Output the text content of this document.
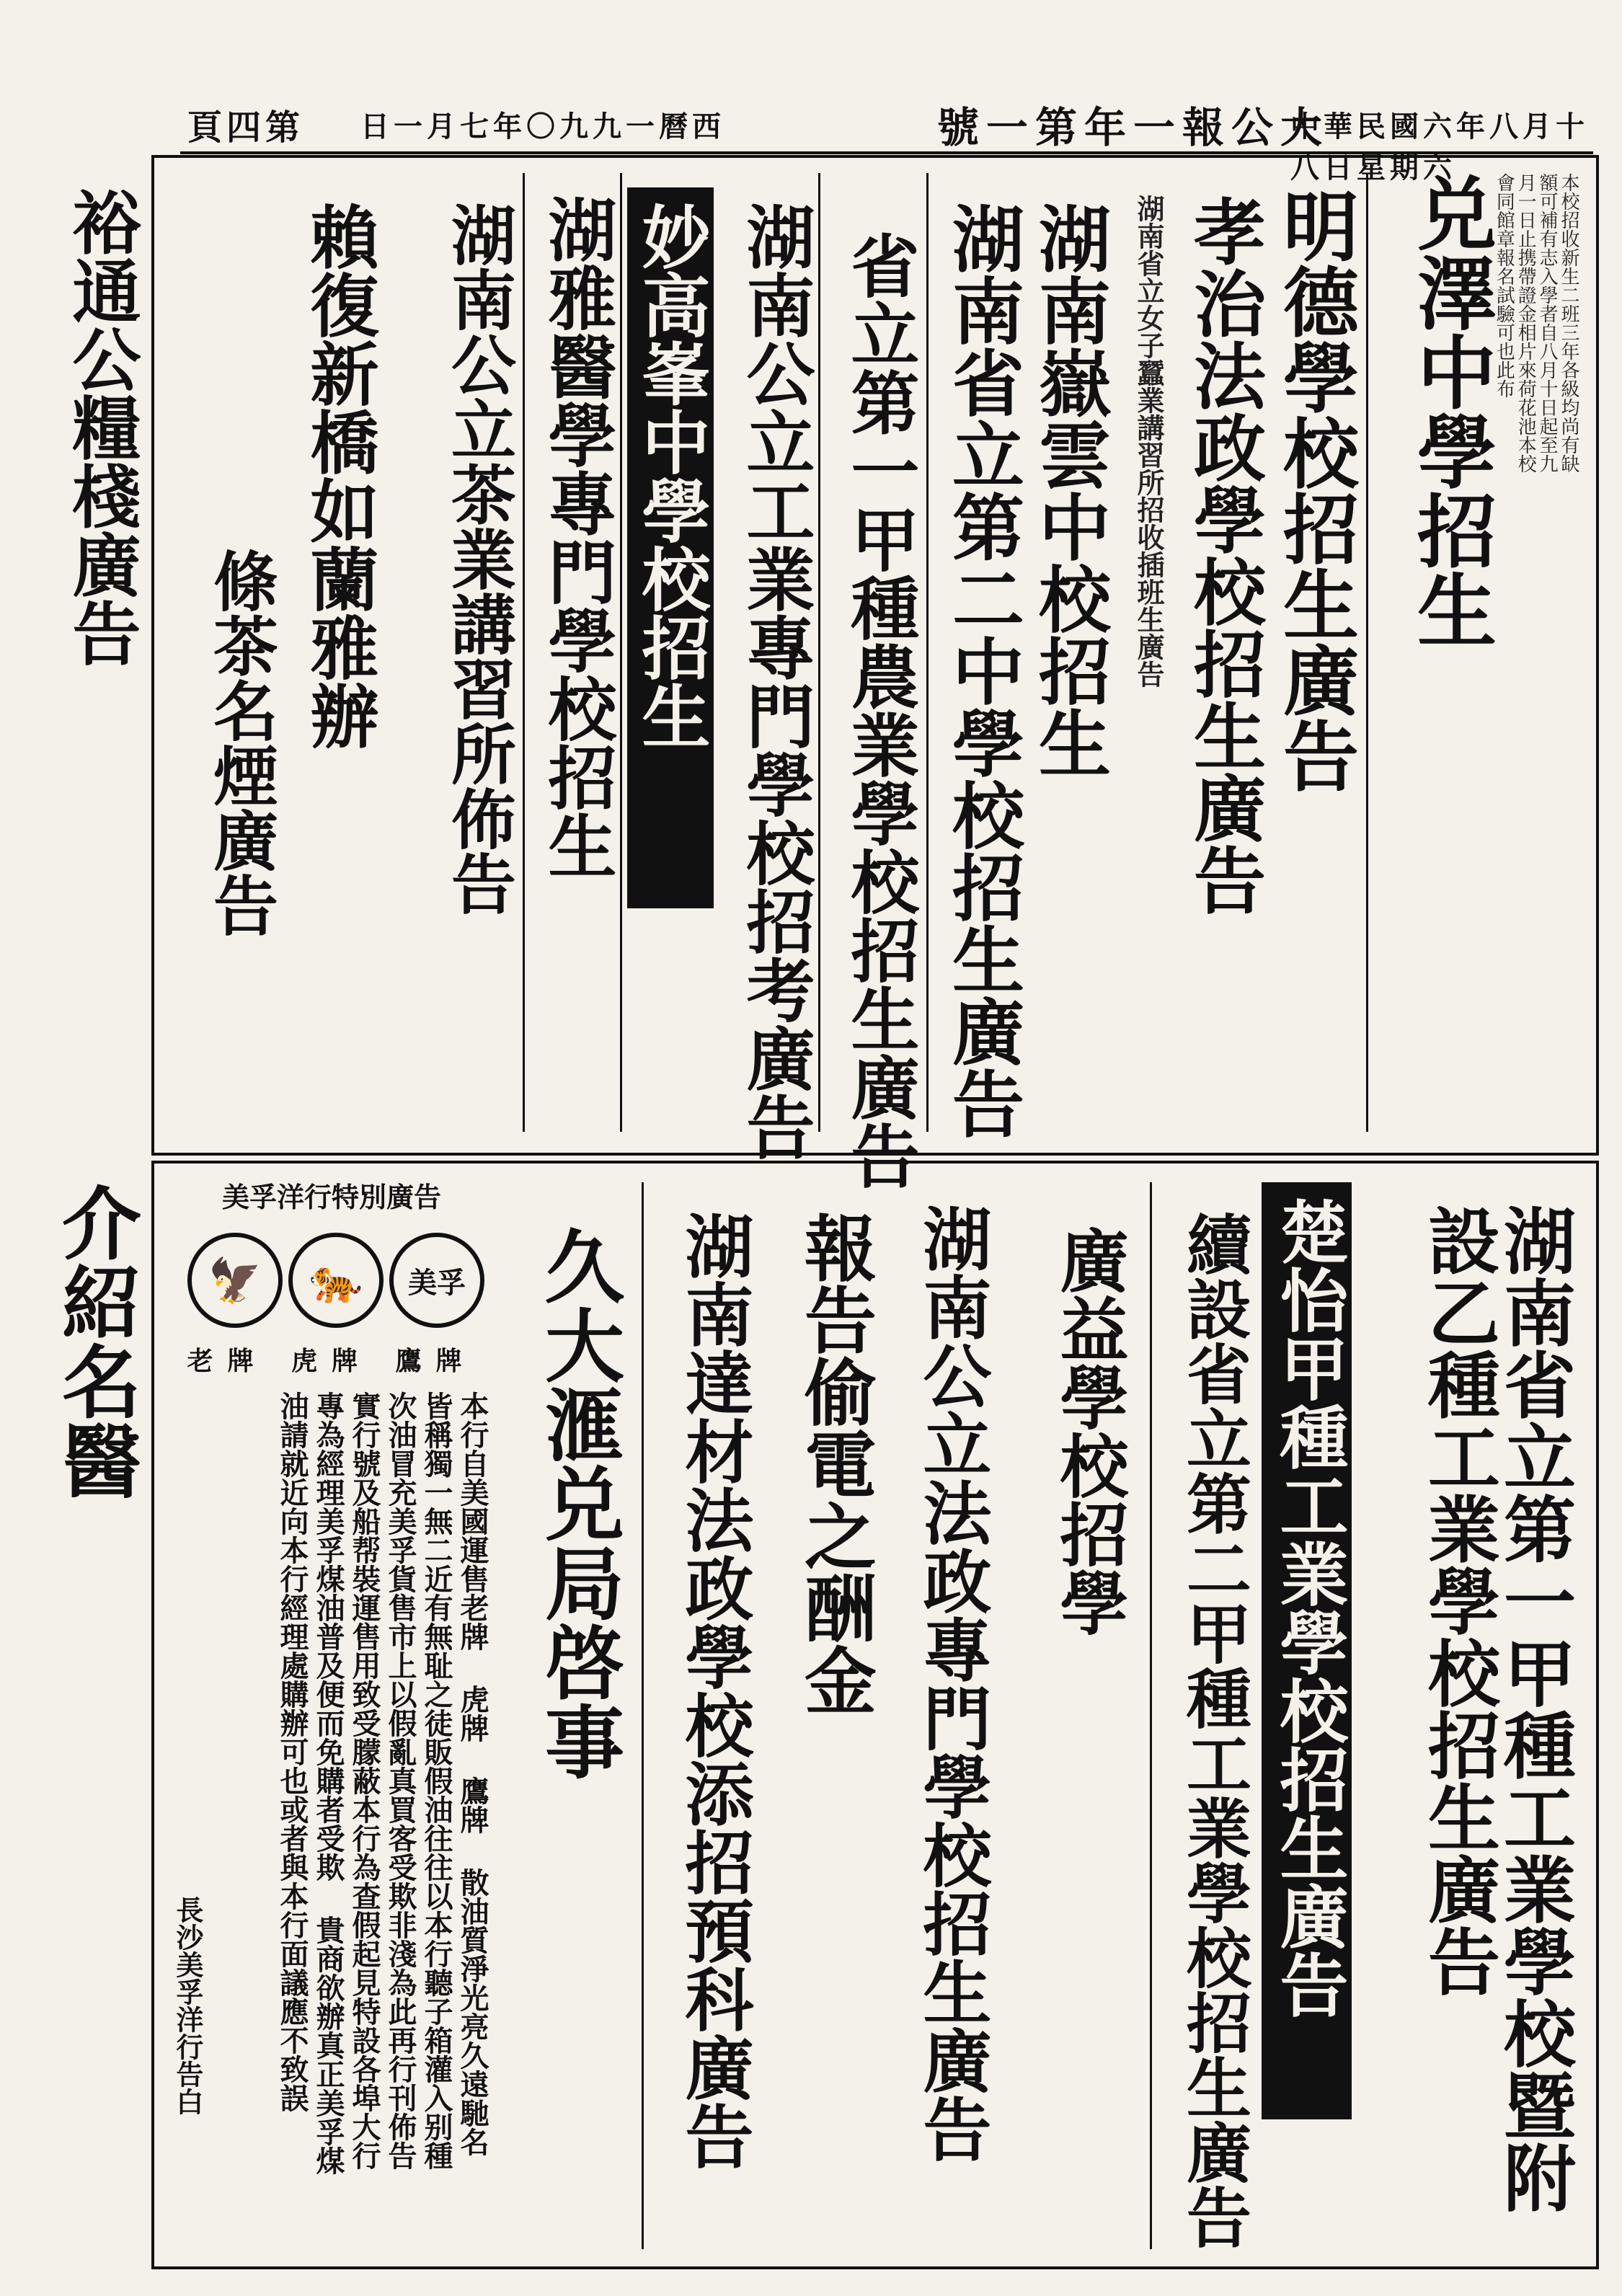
頁四第 日一月七年〇九九一曆西	號一第年一報公大
中華民國六年八月十八日星期六
兑澤中學招生	本校招收新生二班三年各級均尚有缺額可補有志入學者自八月十日起至九月一日止携帶證金相片來荷花池本校會同館章報名試驗可也此布
明德學校招生廣告
孝治法政學校招生廣告
湖南省立女子蠶業講習所招收插班生廣告
湖南嶽雲中校招生
湖南省立第二中學校招生廣告
省立第一甲種農業學校招生廣告
湖南公立工業專門學校招考廣告
妙高峯中學校招生
湖雅醫學專門學校招生
湖南公立茶業講習所佈告
賴復新橋如蘭雅辦
條茶名煙廣告
裕通公糧棧廣告
介紹名醫	湖南省立第一甲種工業學校暨附設乙種工業學校招生廣告
楚怡甲種工業學校招生廣告
續設省立第二甲種工業學校招生廣告
廣益學校招學
湖南公立法政專門學校招生廣告
報告偷電之酬金
湖南達材法政學校添招預科廣告
久大滙兑局啓事
美孚洋行特別廣告
🦅	🐅	美孚
老牌 虎牌 鷹牌
本行自美國運售老牌 虎牌 鷹牌 散油質淨光亮久遠馳名皆稱獨一無二近有無耻之徒販假油往往以本行聽子箱灌入别種次油冒充美孚貨售市上以假亂真買客受欺非淺為此再行刊佈告 實行號及船帮裝運售用致受朦蔽本行為查假起見特設各埠大行專為經理美孚煤油普及便而免購者受欺 貴商欲辦真正美孚煤油請就近向本行經理處購辦可也或者與本行面議應不致誤
長沙美孚洋行告白
